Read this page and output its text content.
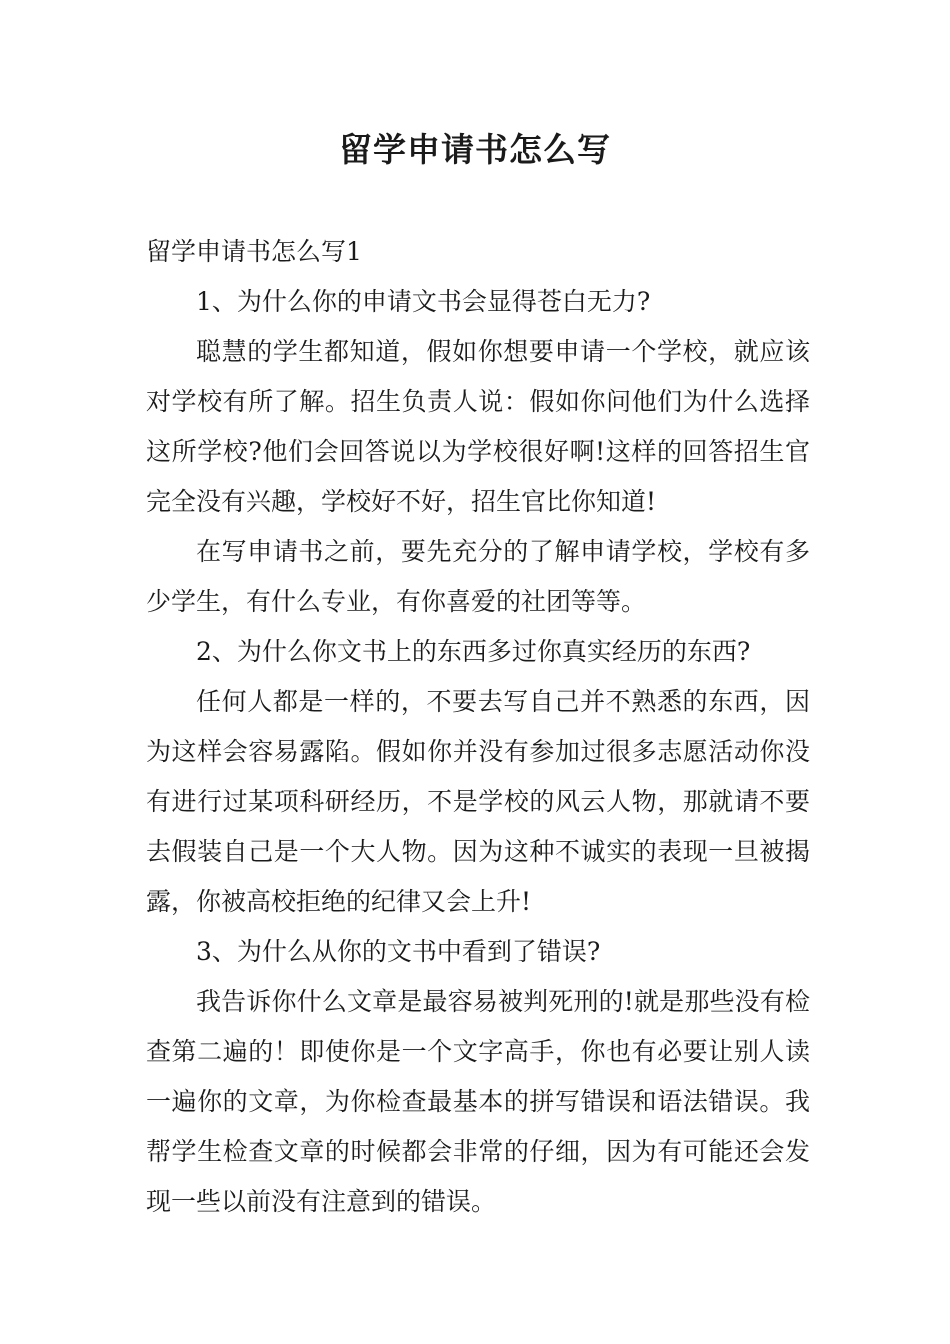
留学申请书怎么写

留学申请书怎么写1

1、为什么你的申请文书会显得苍白无力?

聪慧的学生都知道，假如你想要申请一个学校，就应该对学校有所了解。招生负责人说：假如你问他们为什么选择这所学校?他们会回答说以为学校很好啊!这样的回答招生官完全没有兴趣，学校好不好，招生官比你知道!

在写申请书之前，要先充分的了解申请学校，学校有多少学生，有什么专业，有你喜爱的社团等等。

2、为什么你文书上的东西多过你真实经历的东西?

任何人都是一样的，不要去写自己并不熟悉的东西，因为这样会容易露陷。假如你并没有参加过很多志愿活动你没有进行过某项科研经历，不是学校的风云人物，那就请不要去假装自己是一个大人物。因为这种不诚实的表现一旦被揭露，你被高校拒绝的纪律又会上升!

3、为什么从你的文书中看到了错误?

我告诉你什么文章是最容易被判死刑的!就是那些没有检查第二遍的！即使你是一个文字高手，你也有必要让别人读一遍你的文章，为你检查最基本的拼写错误和语法错误。我帮学生检查文章的时候都会非常的仔细，因为有可能还会发现一些以前没有注意到的错误。
